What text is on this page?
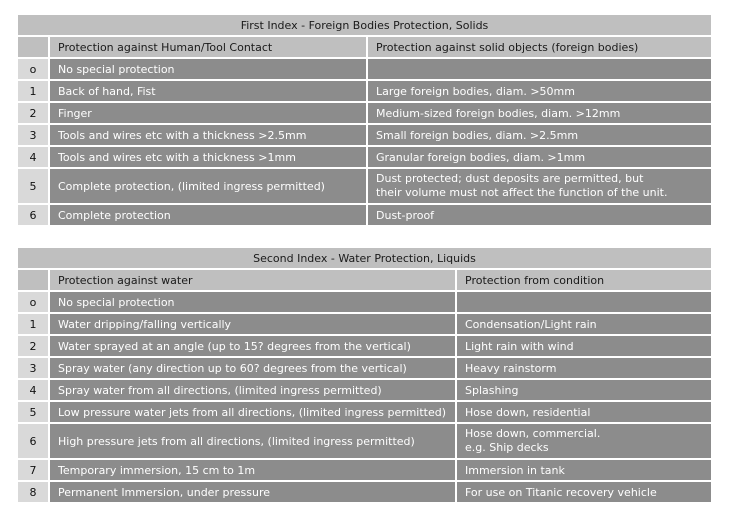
First Index - Foreign Bodies Protection, Solids		
	Protection against Human/Tool Contact	Protection against solid objects (foreign bodies)
o	No special protection	
1	Back of hand, Fist	Large foreign bodies, diam. >50mm
2	Finger	Medium-sized foreign bodies, diam. >12mm
3	Tools and wires etc with a thickness >2.5mm	Small foreign bodies, diam. >2.5mm
4	Tools and wires etc with a thickness >1mm	Granular foreign bodies, diam. >1mm
5	Complete protection, (limited ingress permitted)	Dust protected; dust deposits are permitted, but
their volume must not affect the function of the unit.
6	Complete protection	Dust-proof
Second Index - Water Protection, Liquids		
	Protection against water	Protection from condition
o	No special protection	
1	Water dripping/falling vertically	Condensation/Light rain
2	Water sprayed at an angle (up to 15? degrees from the vertical)	Light rain with wind
3	Spray water (any direction up to 60? degrees from the vertical)	Heavy rainstorm
4	Spray water from all directions, (limited ingress permitted)	Splashing
5	Low pressure water jets from all directions, (limited ingress permitted)	Hose down, residential
6	High pressure jets from all directions, (limited ingress permitted)	Hose down, commercial.
e.g. Ship decks
7	Temporary immersion, 15 cm to 1m	Immersion in tank
8	Permanent Immersion, under pressure	For use on Titanic recovery vehicle
